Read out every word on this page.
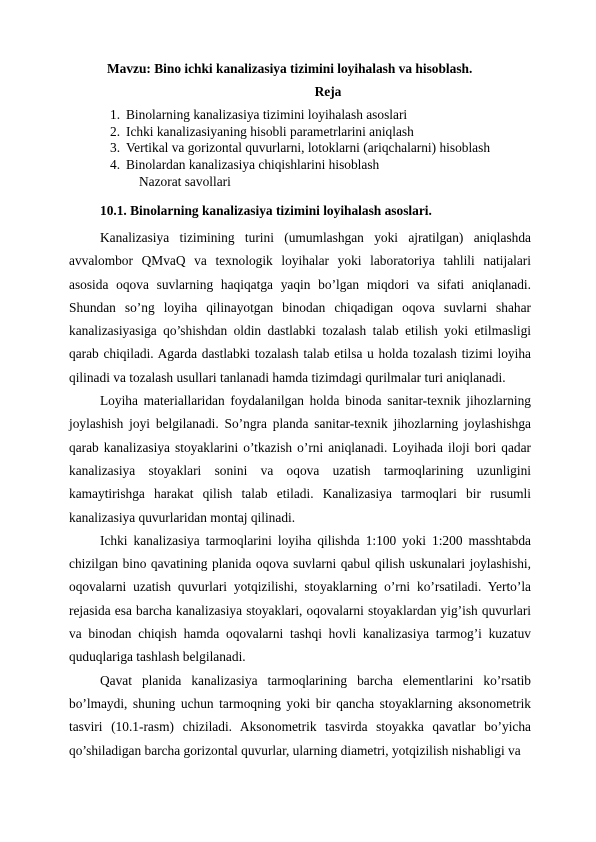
Mavzu: Bino ichki kanalizasiya tizimini loyihalash va hisoblash.
Reja
1. Binolarning kanalizasiya tizimini loyihalash asoslari
2. Ichki kanalizasiyaning hisobli parametrlarini aniqlash
3. Vertikal va gorizontal quvurlarni, lotoklarni (ariqchalarni) hisoblash
4. Binolardan kanalizasiya chiqishlarini hisoblash
Nazorat savollari
10.1. Binolarning kanalizasiya tizimini loyihalash asoslari.

Kanalizasiya tizimining turini (umumlashgan yoki ajratilgan) aniqlashda avvalombor QMvaQ va texnologik loyihalar yoki laboratoriya tahlili natijalari asosida oqova suvlarning haqiqatga yaqin bo’lgan miqdori va sifati aniqlanadi. Shundan so’ng loyiha qilinayotgan binodan chiqadigan oqova suvlarni shahar kanalizasiyasiga qo’shishdan oldin dastlabki tozalash talab etilish yoki etilmasligi qarab chiqiladi. Agarda dastlabki tozalash talab etilsa u holda tozalash tizimi loyiha qilinadi va tozalash usullari tanlanadi hamda tizimdagi qurilmalar turi aniqlanadi.

Loyiha materiallaridan foydalanilgan holda binoda sanitar-texnik jihozlarning joylashish joyi belgilanadi. So’ngra planda sanitar-texnik jihozlarning joylashishga qarab kanalizasiya stoyaklarini o’tkazish o’rni aniqlanadi. Loyihada iloji bori qadar kanalizasiya stoyaklari sonini va oqova uzatish tarmoqlarining uzunligini kamaytirishga harakat qilish talab etiladi. Kanalizasiya tarmoqlari bir rusumli kanalizasiya quvurlaridan montaj qilinadi.

Ichki kanalizasiya tarmoqlarini loyiha qilishda 1:100 yoki 1:200 masshtabda chizilgan bino qavatining planida oqova suvlarni qabul qilish uskunalari joylashishi, oqovalarni uzatish quvurlari yotqizilishi, stoyaklarning o’rni ko’rsatiladi. Yerto’la rejasida esa barcha kanalizasiya stoyaklari, oqovalarni stoyaklardan yig’ish quvurlari va binodan chiqish hamda oqovalarni tashqi hovli kanalizasiya tarmog’i kuzatuv quduqlariga tashlash belgilanadi.

Qavat planida kanalizasiya tarmoqlarining barcha elementlarini ko’rsatib bo’lmaydi, shuning uchun tarmoqning yoki bir qancha stoyaklarning aksonometrik tasviri (10.1-rasm) chiziladi. Aksonometrik tasvirda stoyakka qavatlar bo’yicha qo’shiladigan barcha gorizontal quvurlar, ularning diametri, yotqizilish nishabligi va
